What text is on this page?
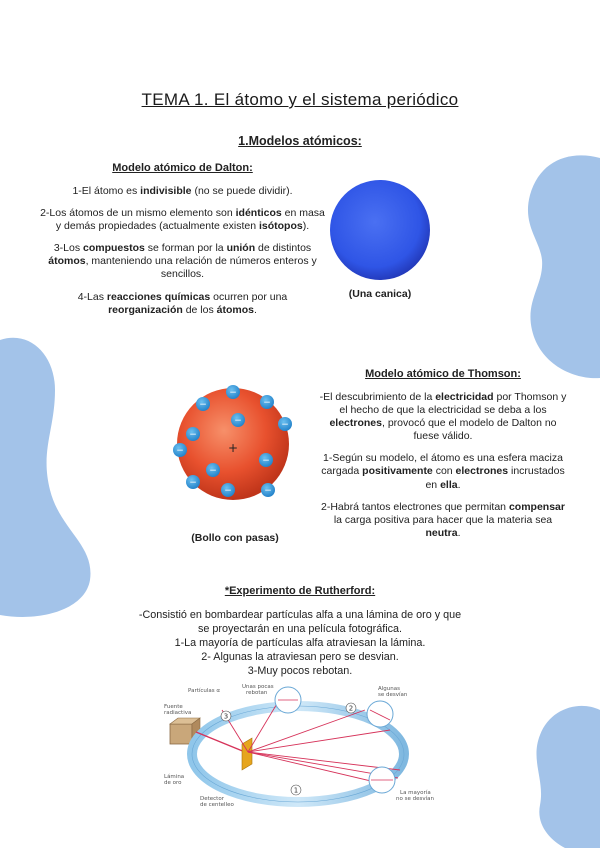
TEMA 1. El átomo y el sistema periódico
1.Modelos atómicos:
Modelo atómico de Dalton:

1-El átomo es indivisible (no se puede dividir).

2-Los átomos de un mismo elemento son idénticos en masa y demás propiedades (actualmente existen isótopos).

3-Los compuestos se forman por la unión de distintos átomos, manteniendo una relación de números enteros y sencillos.

4-Las reacciones químicas ocurren por una reorganización de los átomos.

(Una canica)
+
−
−	−
−
−
−
−
−
−
−
−	−
(Bollo con pasas)
Modelo atómico de Thomson:

-El descubrimiento de la electricidad por Thomson y el hecho de que la electricidad se deba a los electrones, provocó que el modelo de Dalton no fuese válido.

1-Según su modelo, el átomo es una esfera maciza cargada positivamente con electrones incrustados en ella.

2-Habrá tantos electrones que permitan compensar la carga positiva para hacer que la materia sea neutra.

*Experimento de Rutherford:
-Consistió en bombardear partículas alfa a una lámina de oro y que
se proyectarán en una película fotográfica.
1-La mayoría de partículas alfa atraviesan la lámina.
2- Algunas la atraviesan pero se desvian.
3-Muy pocos rebotan.
3
2
1
Partículas α
Fuente
radiactiva
Unas pocas
rebotan
Algunas
se desvían
Lámina
de oro
Detector
de centelleo
La mayoría
no se desvían
